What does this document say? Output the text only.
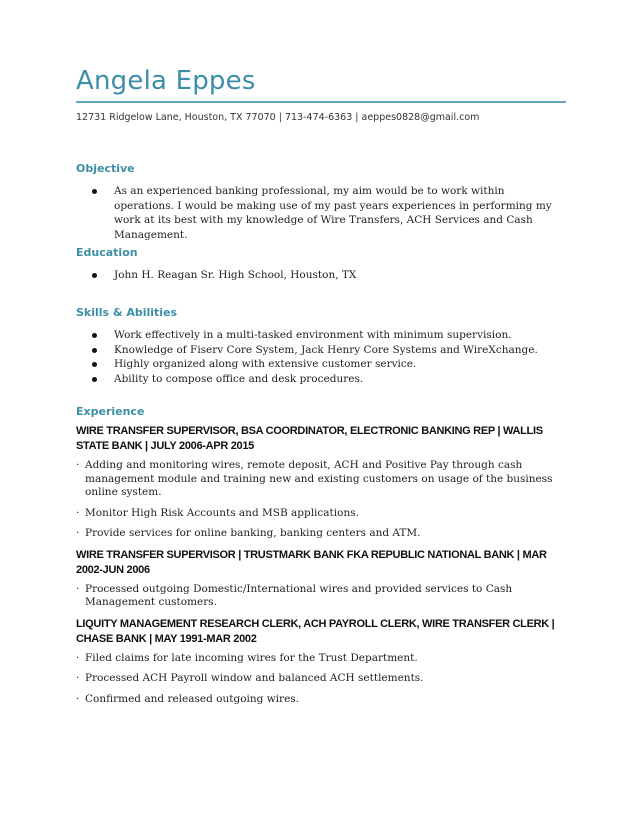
Angela Eppes

12731 Ridgelow Lane, Houston, TX 77070 | 713-474-6363 | aeppes0828@gmail.com

Objective
As an experienced banking professional, my aim would be to work within operations. I would be making use of my past years experiences in performing my work at its best with my knowledge of Wire Transfers, ACH Services and Cash Management.
Education
John H. Reagan Sr. High School, Houston, TX
Skills & Abilities
Work effectively in a multi-tasked environment with minimum supervision.
Knowledge of Fiserv Core System, Jack Henry Core Systems and WireXchange.
Highly organized along with extensive customer service.
Ability to compose office and desk procedures.
Experience

WIRE TRANSFER SUPERVISOR, BSA COORDINATOR, ELECTRONIC BANKING REP | WALLIS STATE BANK | JULY 2006-APR 2015

· Adding and monitoring wires, remote deposit, ACH and Positive Pay through cash management module and training new and existing customers on usage of the business online system.
· Monitor High Risk Accounts and MSB applications.
· Provide services for online banking, banking centers and ATM.

WIRE TRANSFER SUPERVISOR | TRUSTMARK BANK FKA REPUBLIC NATIONAL BANK | MAR 2002-JUN 2006

· Processed outgoing Domestic/International wires and provided services to Cash Management customers.

LIQUITY MANAGEMENT RESEARCH CLERK, ACH PAYROLL CLERK, WIRE TRANSFER CLERK | CHASE BANK | MAY 1991-MAR 2002

· Filed claims for late incoming wires for the Trust Department.
· Processed ACH Payroll window and balanced ACH settlements.
· Confirmed and released outgoing wires.
